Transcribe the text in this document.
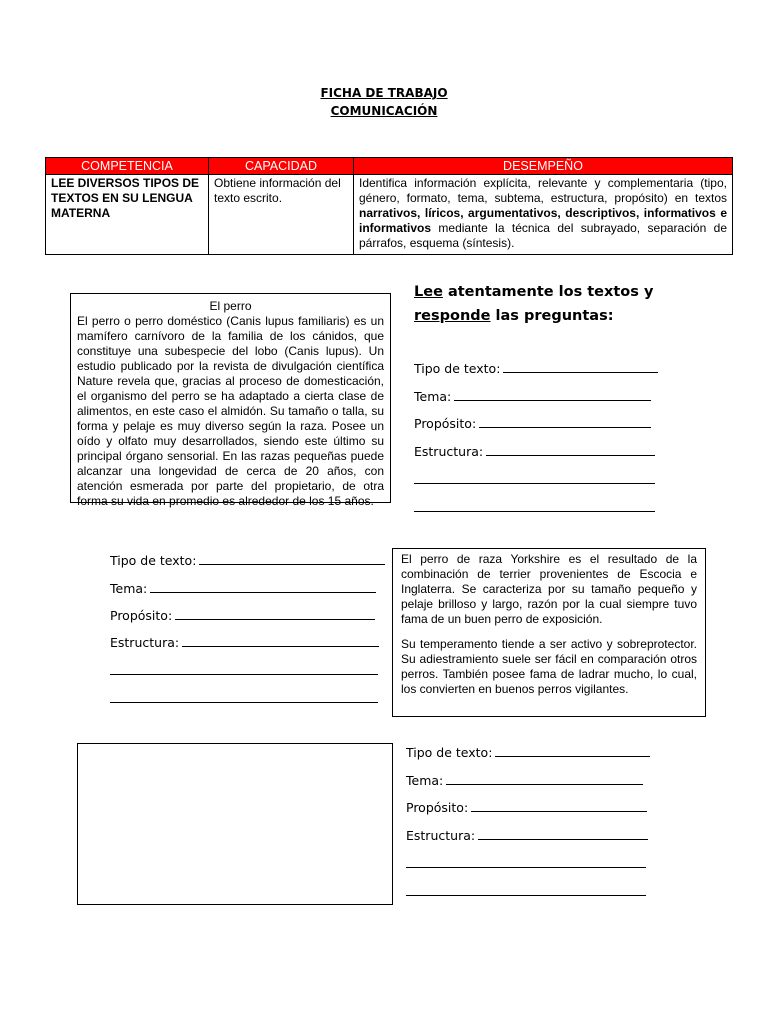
FICHA DE TRABAJO
COMUNICACIÓN
COMPETENCIA	CAPACIDAD	DESEMPEÑO
LEE DIVERSOS TIPOS DE TEXTOS EN SU LENGUA MATERNA	Obtiene información del texto escrito.	Identifica información explícita, relevante y complementaria (tipo, género, formato, tema, subtema, estructura, propósito) en textos narrativos, líricos, argumentativos, descriptivos, informativos e informativos mediante la técnica del subrayado, separación de párrafos, esquema (síntesis).
El perro
El perro o perro doméstico (Canis lupus familiaris) es un mamífero carnívoro de la familia de los cánidos, que constituye una subespecie del lobo (Canis lupus). Un estudio publicado por la revista de divulgación científica Nature revela que, gracias al proceso de domesticación, el organismo del perro se ha adaptado a cierta clase de alimentos, en este caso el almidón. Su tamaño o talla, su forma y pelaje es muy diverso según la raza. Posee un oído y olfato muy desarrollados, siendo este último su principal órgano sensorial. En las razas pequeñas puede alcanzar una longevidad de cerca de 20 años, con atención esmerada por parte del propietario, de otra forma su vida en promedio es alrededor de los 15 años.
Lee atentamente los textos y
responde las preguntas:
Tipo de texto:
Tema:
Propósito:
Estructura:

El perro de raza Yorkshire es el resultado de la combinación de terrier provenientes de Escocia e Inglaterra. Se caracteriza por su tamaño pequeño y pelaje brilloso y largo, razón por la cual siempre tuvo fama de un buen perro de exposición.

Su temperamento tiende a ser activo y sobreprotector. Su adiestramiento suele ser fácil en comparación otros perros. También posee fama de ladrar mucho, lo cual, los convierten en buenos perros vigilantes.

Tipo de texto:
Tema:
Propósito:
Estructura:
Tipo de texto:
Tema:
Propósito:
Estructura:
